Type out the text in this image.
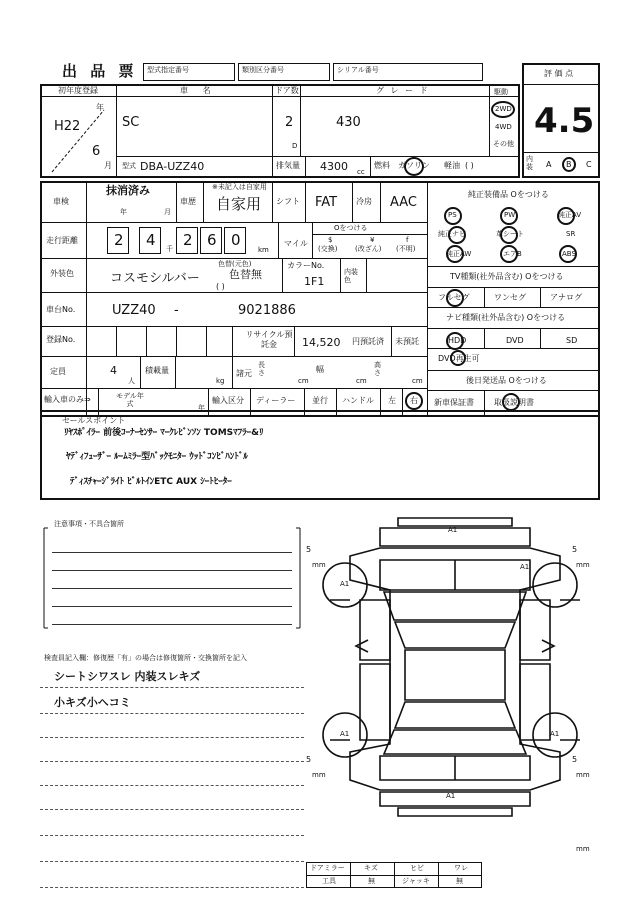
出 品 票 型式指定番号	類別区分番号	シリアル番号	評 価 点
4.5
初年度登録
年
H22
6
月
車 名
SC
ドア数
2
D
グ レ ー ド
430
駆動
2WD
4WD
その他
型式 DBA-UZZ40	排気量 4300 cc
燃料 ガソリン 軽油 ( )
内装 A B C
車検
抹消済み
年	月
車歴
※未記入は自家用
自家用 シフト FAT 冷房 AAC
走行距離 2 4 千 2 6 0
km
マイル
Oをつける
$
(交換)
¥
(改ざん)
f
(不明)
外装色	コスモシルバー
色替(元色)
色替無
( )
カラーNo.
1F1
内装色
車台No.	UZZ40 -	9021886
登録No.
リサイクル預託金	14,520 円預託済 未預託
定員	4
人
積載量
kg
諸元
長さ
cm
幅
cm
高さ
cm
輸入車のみ⇒	モデル年式	年
輸入区分 ディーラー 並行 ハンドル 左 右
純正装備品 Oをつける
PS	PW	純正AV
純正ナビ	革シート	SR
純正AW	エアB	ABS
TV種類(社外品含む) Oをつける
フルセグ	ワンセグ	アナログ
ナビ種類(社外品含む) Oをつける
HDD	DVD	SD
DVD再生可
後日発送品 Oをつける
新車保証書	取扱説明書
セールスポイント
ﾘﾔｽﾎﾟｲﾗｰ 前後ｺｰﾅｰｾﾝｻｰ ﾏｰｸﾚﾋﾞﾝｿﾝ TOMSﾏﾌﾗｰ&ﾘ
ﾔﾃﾞｨﾌｭｰｻﾞｰ ﾙｰﾑﾐﾗｰ型ﾊﾞｯｸﾓﾆﾀｰ ｳｯﾄﾞｺﾝﾋﾞﾊﾝﾄﾞﾙ
ﾃﾞｨｽﾁｬｰｼﾞﾗｲﾄ ﾋﾞﾙﾄｲﾝETC AUX ｼｰﾄﾋｰﾀｰ
注意事項・不具合箇所
検査員記入欄：修復歴「有」の場合は修復箇所・交換箇所を記入
シートシワスレ 内装スレキズ
小キズ小ヘコミ
A1
A1
A1
A1	A1
A1
5
mm
5
mm
5
mm
5
mm
mm
ドアミラー	キズ	ヒビ	ワレ
工具	無	ジャッキ	無
